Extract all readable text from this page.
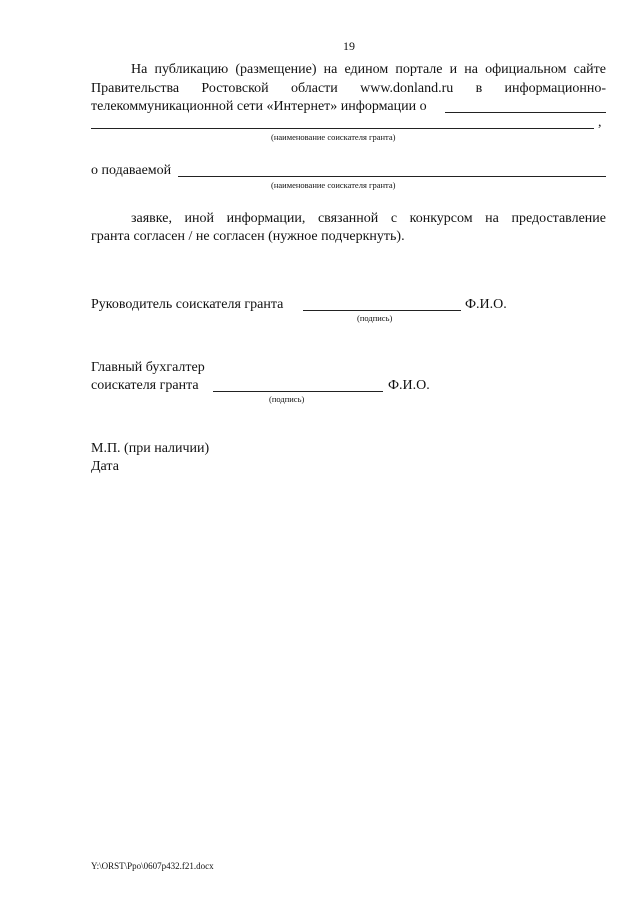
19
На публикацию (размещение) на едином портале и на официальном сайте
Правительства Ростовской области www.donland.ru в информационно-
телекоммуникационной сети «Интернет» информации о
,
(наименование соискателя гранта)
о подаваемой
(наименование соискателя гранта)
заявке, иной информации, связанной с конкурсом на предоставление
гранта согласен / не согласен (нужное подчеркнуть).
Руководитель соискателя гранта	Ф.И.О.
(подпись)
Главный бухгалтер
соискателя гранта	Ф.И.О.
(подпись)
М.П. (при наличии)
Дата
Y:\ORST\Ppo\0607p432.f21.docx
